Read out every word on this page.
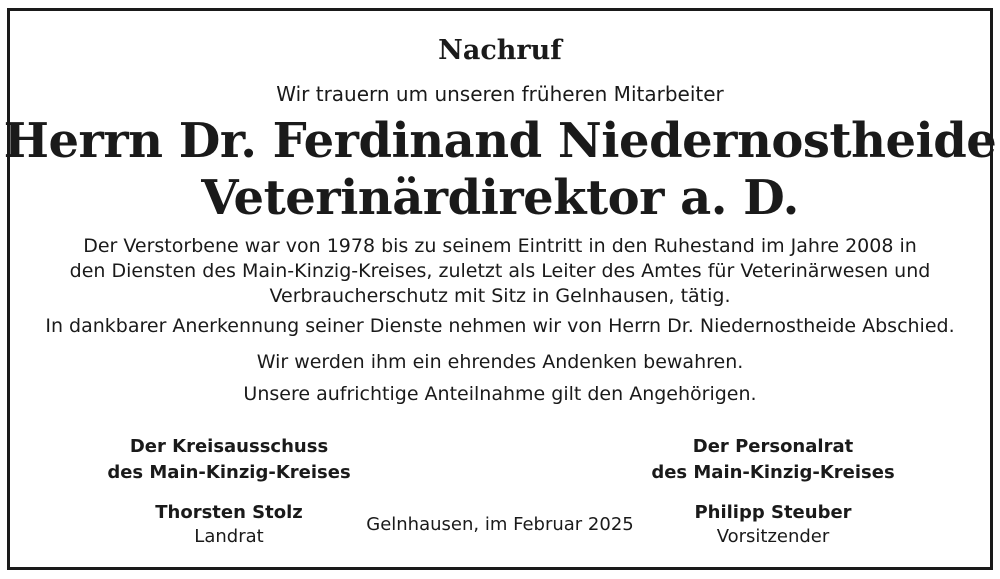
Nachruf
Wir trauern um unseren früheren Mitarbeiter
Herrn Dr. Ferdinand Niedernostheide
Veterinärdirektor a. D.
Der Verstorbene war von 1978 bis zu seinem Eintritt in den Ruhestand im Jahre 2008 in
den Diensten des Main-Kinzig-Kreises, zuletzt als Leiter des Amtes für Veterinärwesen und
Verbraucherschutz mit Sitz in Gelnhausen, tätig.
In dankbarer Anerkennung seiner Dienste nehmen wir von Herrn Dr. Niedernostheide Abschied.
Wir werden ihm ein ehrendes Andenken bewahren.
Unsere aufrichtige Anteilnahme gilt den Angehörigen.
Der Kreisausschuss
des Main-Kinzig-Kreises
Thorsten Stolz
Landrat
Gelnhausen, im Februar 2025
Der Personalrat
des Main-Kinzig-Kreises
Philipp Steuber
Vorsitzender
